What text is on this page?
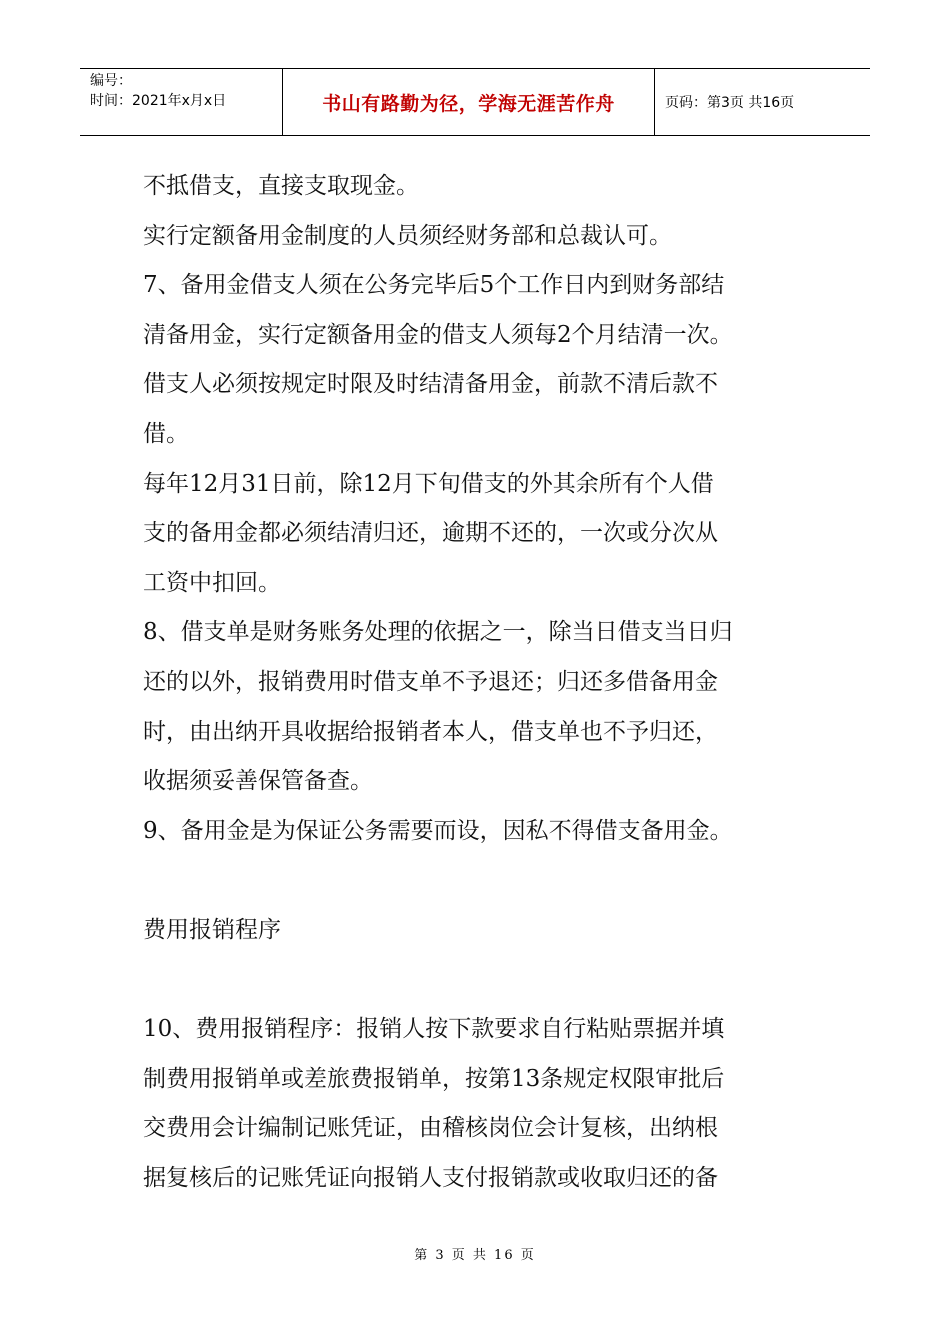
编号：
时间：2021年x月x日	书山有路勤为径，学海无涯苦作舟	页码：第3页 共16页
不抵借支，直接支取现金。
实行定额备用金制度的人员须经财务部和总裁认可。
7、备用金借支人须在公务完毕后5个工作日内到财务部结
清备用金，实行定额备用金的借支人须每2个月结清一次。
借支人必须按规定时限及时结清备用金，前款不清后款不
借。
每年12月31日前，除12月下旬借支的外其余所有个人借
支的备用金都必须结清归还，逾期不还的，一次或分次从
工资中扣回。
8、借支单是财务账务处理的依据之一，除当日借支当日归
还的以外，报销费用时借支单不予退还；归还多借备用金
时，由出纳开具收据给报销者本人，借支单也不予归还，
收据须妥善保管备查。
9、备用金是为保证公务需要而设，因私不得借支备用金。
费用报销程序
10、费用报销程序：报销人按下款要求自行粘贴票据并填
制费用报销单或差旅费报销单，按第13条规定权限审批后
交费用会计编制记账凭证，由稽核岗位会计复核，出纳根
据复核后的记账凭证向报销人支付报销款或收取归还的备
第 3 页 共 16 页
